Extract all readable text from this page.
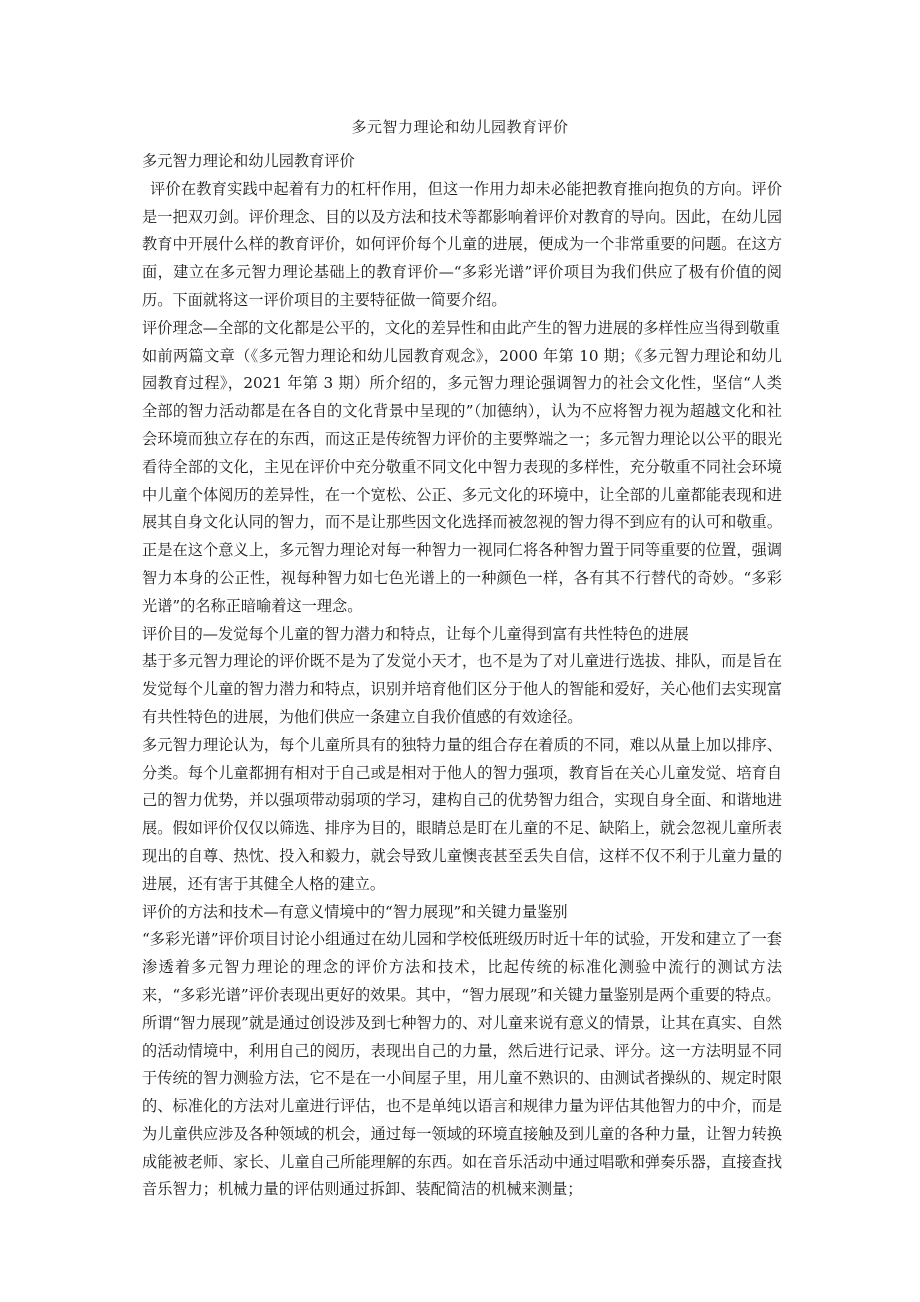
多元智力理论和幼儿园教育评价

多元智力理论和幼儿园教育评价

评价在教育实践中起着有力的杠杆作用，但这一作用力却未必能把教育推向抱负的方向。评价是一把双刃剑。评价理念、目的以及方法和技术等都影响着评价对教育的导向。因此，在幼儿园教育中开展什么样的教育评价，如何评价每个儿童的进展，便成为一个非常重要的问题。在这方面，建立在多元智力理论基础上的教育评价—“多彩光谱”评价项目为我们供应了极有价值的阅历。下面就将这一评价项目的主要特征做一简要介绍。

评价理念—全部的文化都是公平的，文化的差异性和由此产生的智力进展的多样性应当得到敬重

如前两篇文章（《多元智力理论和幼儿园教育观念》，2000 年第 10 期；《多元智力理论和幼儿园教育过程》，2021 年第 3 期）所介绍的，多元智力理论强调智力的社会文化性，坚信“人类全部的智力活动都是在各自的文化背景中呈现的”（加德纳），认为不应将智力视为超越文化和社会环境而独立存在的东西，而这正是传统智力评价的主要弊端之一；多元智力理论以公平的眼光看待全部的文化，主见在评价中充分敬重不同文化中智力表现的多样性，充分敬重不同社会环境中儿童个体阅历的差异性，在一个宽松、公正、多元文化的环境中，让全部的儿童都能表现和进展其自身文化认同的智力，而不是让那些因文化选择而被忽视的智力得不到应有的认可和敬重。正是在这个意义上，多元智力理论对每一种智力一视同仁将各种智力置于同等重要的位置，强调智力本身的公正性，视每种智力如七色光谱上的一种颜色一样，各有其不行替代的奇妙。“多彩光谱”的名称正暗喻着这一理念。

评价目的—发觉每个儿童的智力潜力和特点，让每个儿童得到富有共性特色的进展

基于多元智力理论的评价既不是为了发觉小天才，也不是为了对儿童进行选拔、排队，而是旨在发觉每个儿童的智力潜力和特点，识别并培育他们区分于他人的智能和爱好，关心他们去实现富有共性特色的进展，为他们供应一条建立自我价值感的有效途径。

多元智力理论认为，每个儿童所具有的独特力量的组合存在着质的不同，难以从量上加以排序、分类。每个儿童都拥有相对于自己或是相对于他人的智力强项，教育旨在关心儿童发觉、培育自己的智力优势，并以强项带动弱项的学习，建构自己的优势智力组合，实现自身全面、和谐地进展。假如评价仅仅以筛选、排序为目的，眼睛总是盯在儿童的不足、缺陷上，就会忽视儿童所表现出的自尊、热忱、投入和毅力，就会导致儿童懊丧甚至丢失自信，这样不仅不利于儿童力量的进展，还有害于其健全人格的建立。

评价的方法和技术—有意义情境中的“智力展现”和关键力量鉴别

“多彩光谱”评价项目讨论小组通过在幼儿园和学校低班级历时近十年的试验，开发和建立了一套渗透着多元智力理论的理念的评价方法和技术，比起传统的标准化测验中流行的测试方法来，“多彩光谱”评价表现出更好的效果。其中，“智力展现”和关键力量鉴别是两个重要的特点。

所谓“智力展现”就是通过创设涉及到七种智力的、对儿童来说有意义的情景，让其在真实、自然的活动情境中，利用自己的阅历，表现出自己的力量，然后进行记录、评分。这一方法明显不同于传统的智力测验方法，它不是在一小间屋子里，用儿童不熟识的、由测试者操纵的、规定时限的、标准化的方法对儿童进行评估，也不是单纯以语言和规律力量为评估其他智力的中介，而是为儿童供应涉及各种领域的机会，通过每一领域的环境直接触及到儿童的各种力量，让智力转换成能被老师、家长、儿童自己所能理解的东西。如在音乐活动中通过唱歌和弹奏乐器，直接查找音乐智力；机械力量的评估则通过拆卸、装配简洁的机械来测量；
